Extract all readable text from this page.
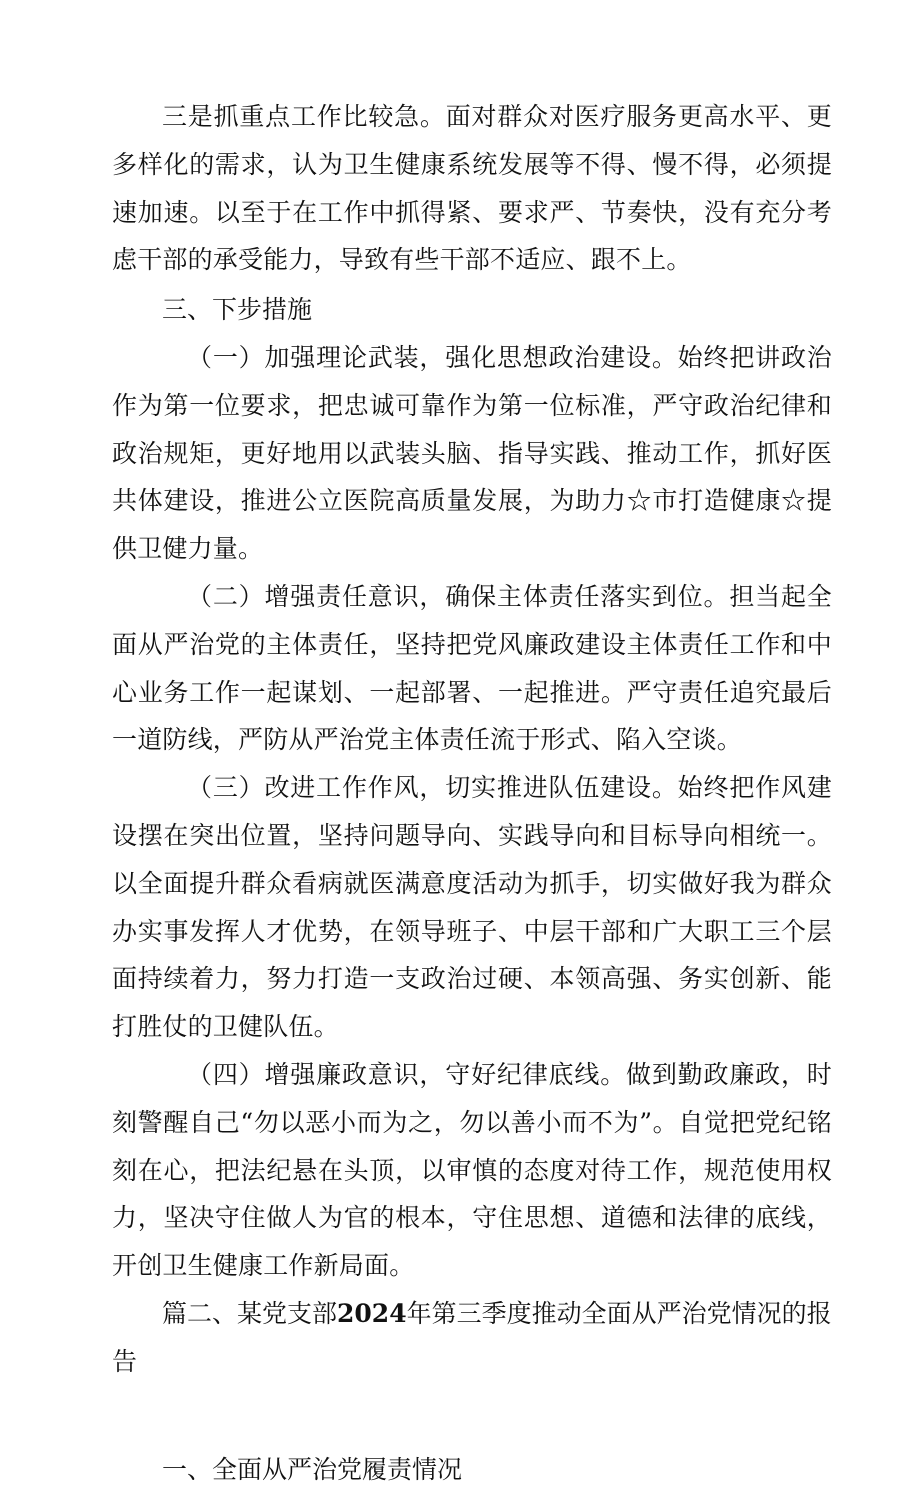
三是抓重点工作比较急。面对群众对医疗服务更高水平、更多样化的需求，认为卫生健康系统发展等不得、慢不得，必须提速加速。以至于在工作中抓得紧、要求严、节奏快，没有充分考虑干部的承受能力，导致有些干部不适应、跟不上。

三、下步措施

（一）加强理论武装，强化思想政治建设。始终把讲政治作为第一位要求，把忠诚可靠作为第一位标准，严守政治纪律和政治规矩，更好地用以武装头脑、指导实践、推动工作，抓好医共体建设，推进公立医院高质量发展，为助力☆市打造健康☆提供卫健力量。

（二）增强责任意识，确保主体责任落实到位。担当起全面从严治党的主体责任，坚持把党风廉政建设主体责任工作和中心业务工作一起谋划、一起部署、一起推进。严守责任追究最后一道防线，严防从严治党主体责任流于形式、陷入空谈。

（三）改进工作作风，切实推进队伍建设。始终把作风建设摆在突出位置，坚持问题导向、实践导向和目标导向相统一。以全面提升群众看病就医满意度活动为抓手，切实做好我为群众办实事发挥人才优势，在领导班子、中层干部和广大职工三个层面持续着力，努力打造一支政治过硬、本领高强、务实创新、能打胜仗的卫健队伍。

（四）增强廉政意识，守好纪律底线。做到勤政廉政，时刻警醒自己“勿以恶小而为之，勿以善小而不为”。自觉把党纪铭刻在心，把法纪悬在头顶，以审慎的态度对待工作，规范使用权力，坚决守住做人为官的根本，守住思想、道德和法律的底线，开创卫生健康工作新局面。

篇二、某党支部2024年第三季度推动全面从严治党情况的报告

一、全面从严治党履责情况
